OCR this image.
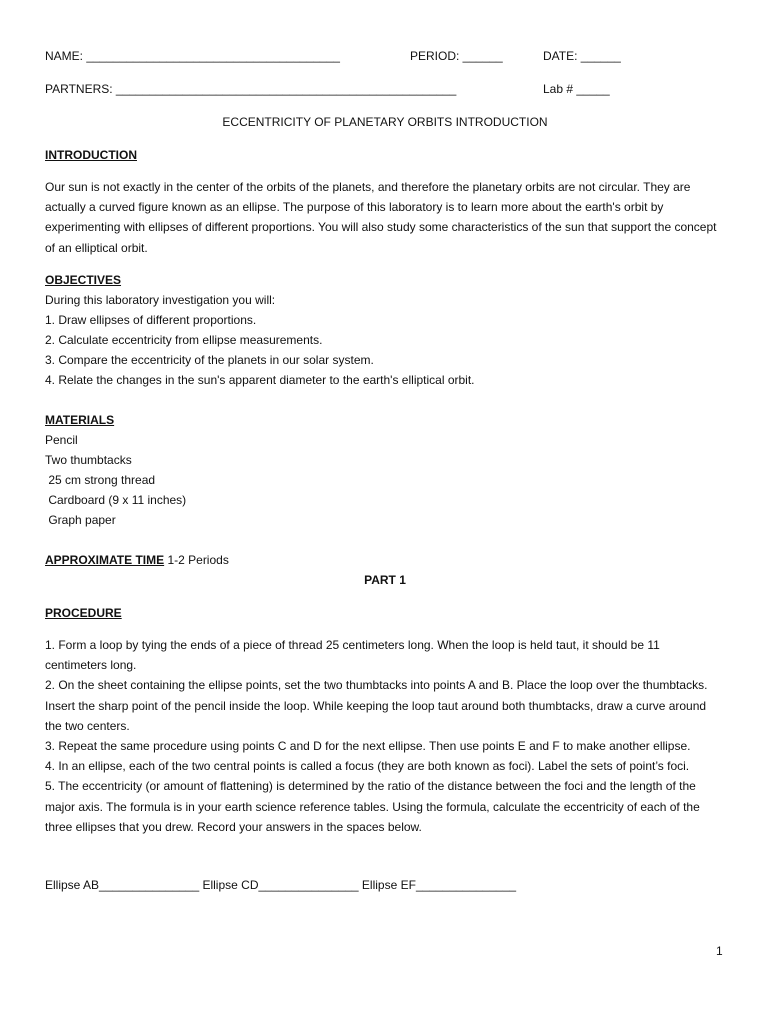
NAME: ______________________________________	PERIOD: ______	DATE: ______
PARTNERS: ___________________________________________________	Lab # _____
ECCENTRICITY OF PLANETARY ORBITS INTRODUCTION
INTRODUCTION

Our sun is not exactly in the center of the orbits of the planets, and therefore the planetary orbits are not circular. They are actually a curved figure known as an ellipse. The purpose of this laboratory is to learn more about the earth's orbit by experimenting with ellipses of different proportions. You will also study some characteristics of the sun that support the concept of an elliptical orbit.

OBJECTIVES
During this laboratory investigation you will:
1. Draw ellipses of different proportions.
2. Calculate eccentricity from ellipse measurements.
3. Compare the eccentricity of the planets in our solar system.
4. Relate the changes in the sun's apparent diameter to the earth's elliptical orbit.
MATERIALS
Pencil
Two thumbtacks
25 cm strong thread
Cardboard (9 x 11 inches)
Graph paper
APPROXIMATE TIME 1-2 Periods
PART 1
PROCEDURE

1. Form a loop by tying the ends of a piece of thread 25 centimeters long. When the loop is held taut, it should be 11 centimeters long.

2. On the sheet containing the ellipse points, set the two thumbtacks into points A and B. Place the loop over the thumbtacks. Insert the sharp point of the pencil inside the loop. While keeping the loop taut around both thumbtacks, draw a curve around the two centers.

3. Repeat the same procedure using points C and D for the next ellipse. Then use points E and F to make another ellipse.

4. In an ellipse, each of the two central points is called a focus (they are both known as foci). Label the sets of point’s foci.

5. The eccentricity (or amount of flattening) is determined by the ratio of the distance between the foci and the length of the major axis. The formula is in your earth science reference tables. Using the formula, calculate the eccentricity of each of the three ellipses that you drew. Record your answers in the spaces below.

Ellipse AB_______________ Ellipse CD_______________ Ellipse EF_______________
1
